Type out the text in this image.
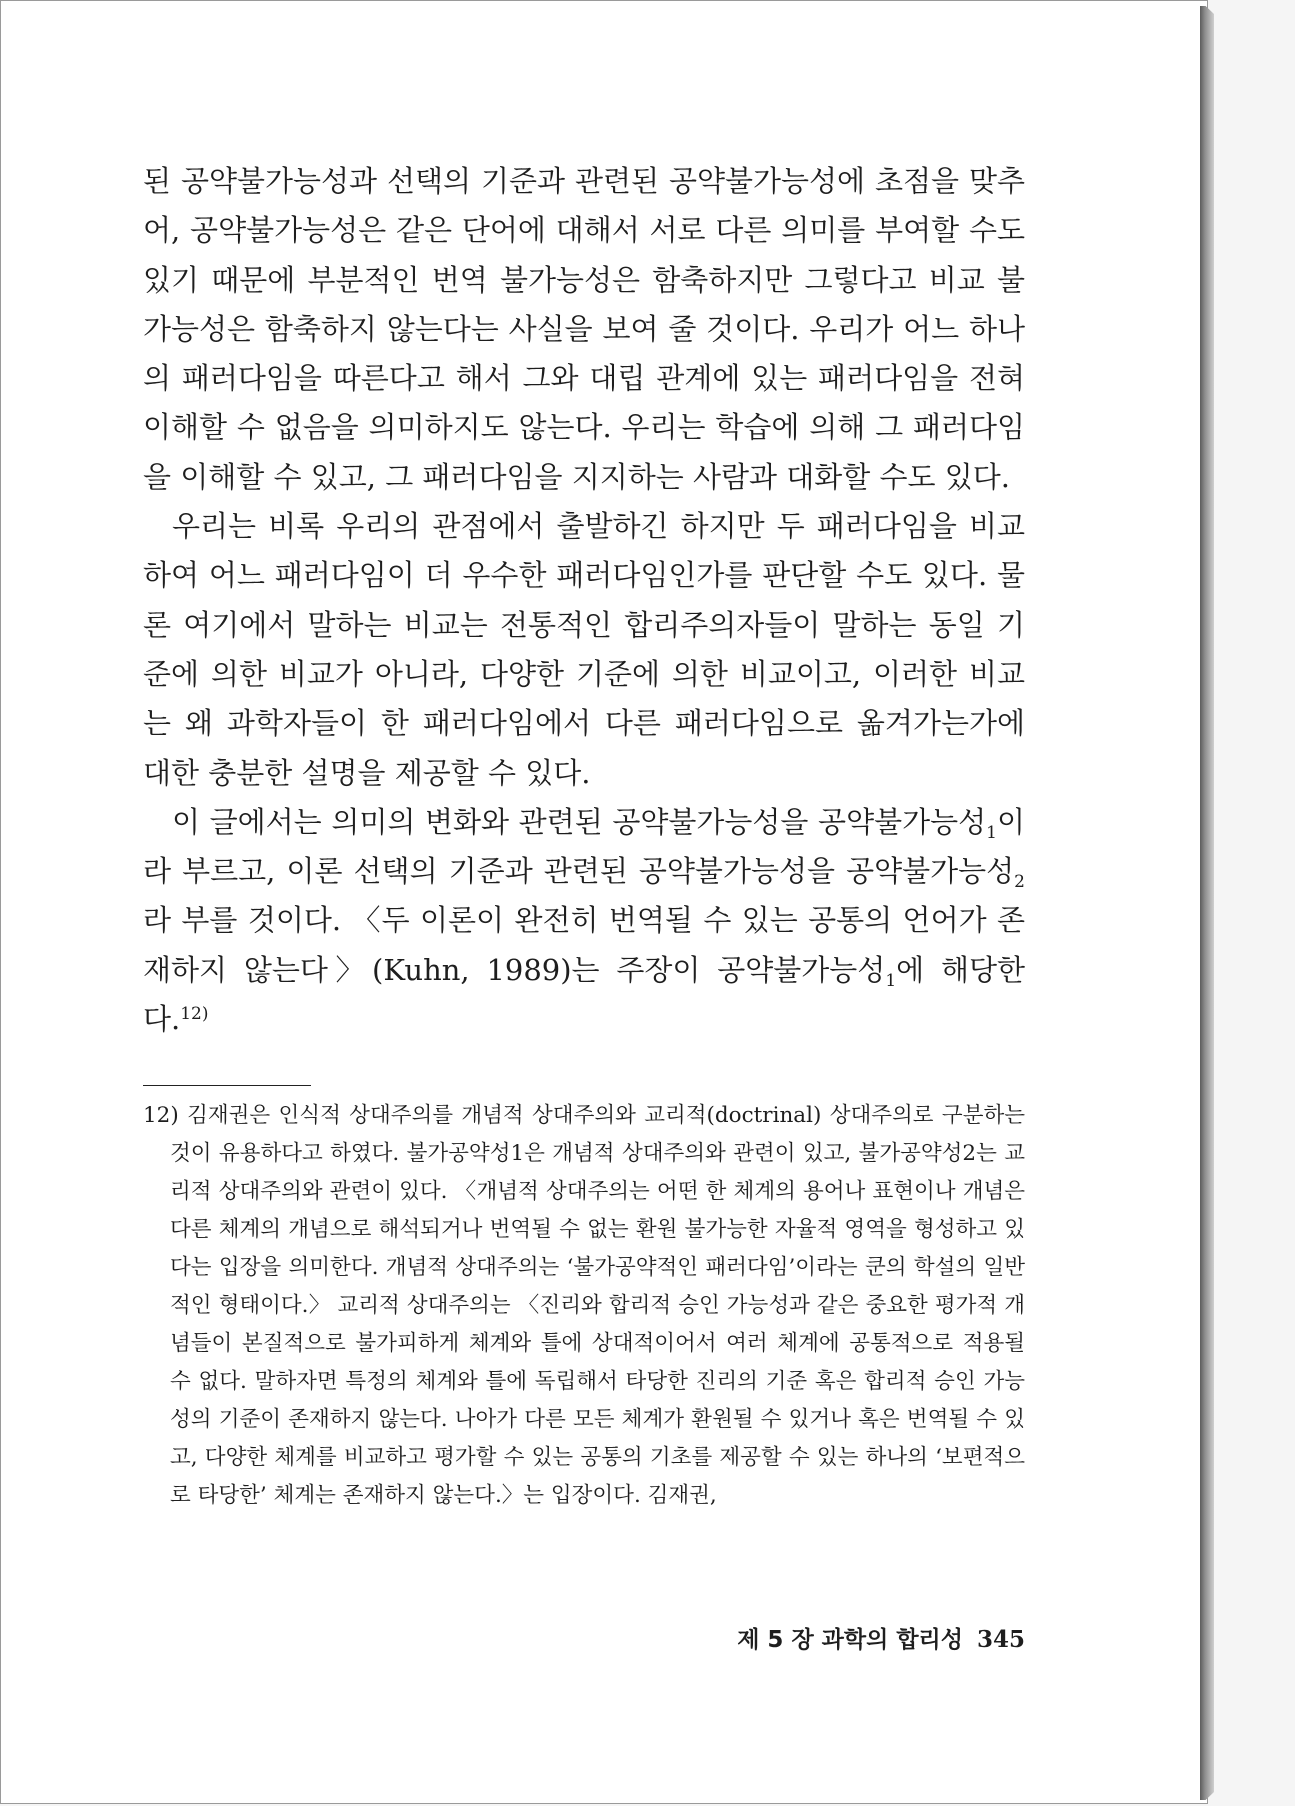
된 공약불가능성과 선택의 기준과 관련된 공약불가능성에 초점을 맞추어, 공약불가능성은 같은 단어에 대해서 서로 다른 의미를 부여할 수도 있기 때문에 부분적인 번역 불가능성은 함축하지만 그렇다고 비교 불가능성은 함축하지 않는다는 사실을 보여 줄 것이다. 우리가 어느 하나의 패러다임을 따른다고 해서 그와 대립 관계에 있는 패러다임을 전혀 이해할 수 없음을 의미하지도 않는다. 우리는 학습에 의해 그 패러다임을 이해할 수 있고, 그 패러다임을 지지하는 사람과 대화할 수도 있다.

우리는 비록 우리의 관점에서 출발하긴 하지만 두 패러다임을 비교하여 어느 패러다임이 더 우수한 패러다임인가를 판단할 수도 있다. 물론 여기에서 말하는 비교는 전통적인 합리주의자들이 말하는 동일 기준에 의한 비교가 아니라, 다양한 기준에 의한 비교이고, 이러한 비교는 왜 과학자들이 한 패러다임에서 다른 패러다임으로 옮겨가는가에 대한 충분한 설명을 제공할 수 있다.

이 글에서는 의미의 변화와 관련된 공약불가능성을 공약불가능성$_1$이라 부르고, 이론 선택의 기준과 관련된 공약불가능성을 공약불가능성$_2$라 부를 것이다. 〈두 이론이 완전히 번역될 수 있는 공통의 언어가 존재하지 않는다〉(Kuhn, 1989)는 주장이 공약불가능성$_1$에 해당한다.$^{12)}$

12) 김재권은 인식적 상대주의를 개념적 상대주의와 교리적(doctrinal) 상대주의로 구분하는 것이 유용하다고 하였다. 불가공약성1은 개념적 상대주의와 관련이 있고, 불가공약성2는 교리적 상대주의와 관련이 있다. 〈개념적 상대주의는 어떤 한 체계의 용어나 표현이나 개념은 다른 체계의 개념으로 해석되거나 번역될 수 없는 환원 불가능한 자율적 영역을 형성하고 있다는 입장을 의미한다. 개념적 상대주의는 ‘불가공약적인 패러다임’이라는 쿤의 학설의 일반적인 형태이다.〉 교리적 상대주의는 〈진리와 합리적 승인 가능성과 같은 중요한 평가적 개념들이 본질적으로 불가피하게 체계와 틀에 상대적이어서 여러 체계에 공통적으로 적용될 수 없다. 말하자면 특정의 체계와 틀에 독립해서 타당한 진리의 기준 혹은 합리적 승인 가능성의 기준이 존재하지 않는다. 나아가 다른 모든 체계가 환원될 수 있거나 혹은 번역될 수 있고, 다양한 체계를 비교하고 평가할 수 있는 공통의 기초를 제공할 수 있는 하나의 ‘보편적으로 타당한’ 체계는 존재하지 않는다.〉는 입장이다. 김재권,
제 5 장 과학의 합리성 345
